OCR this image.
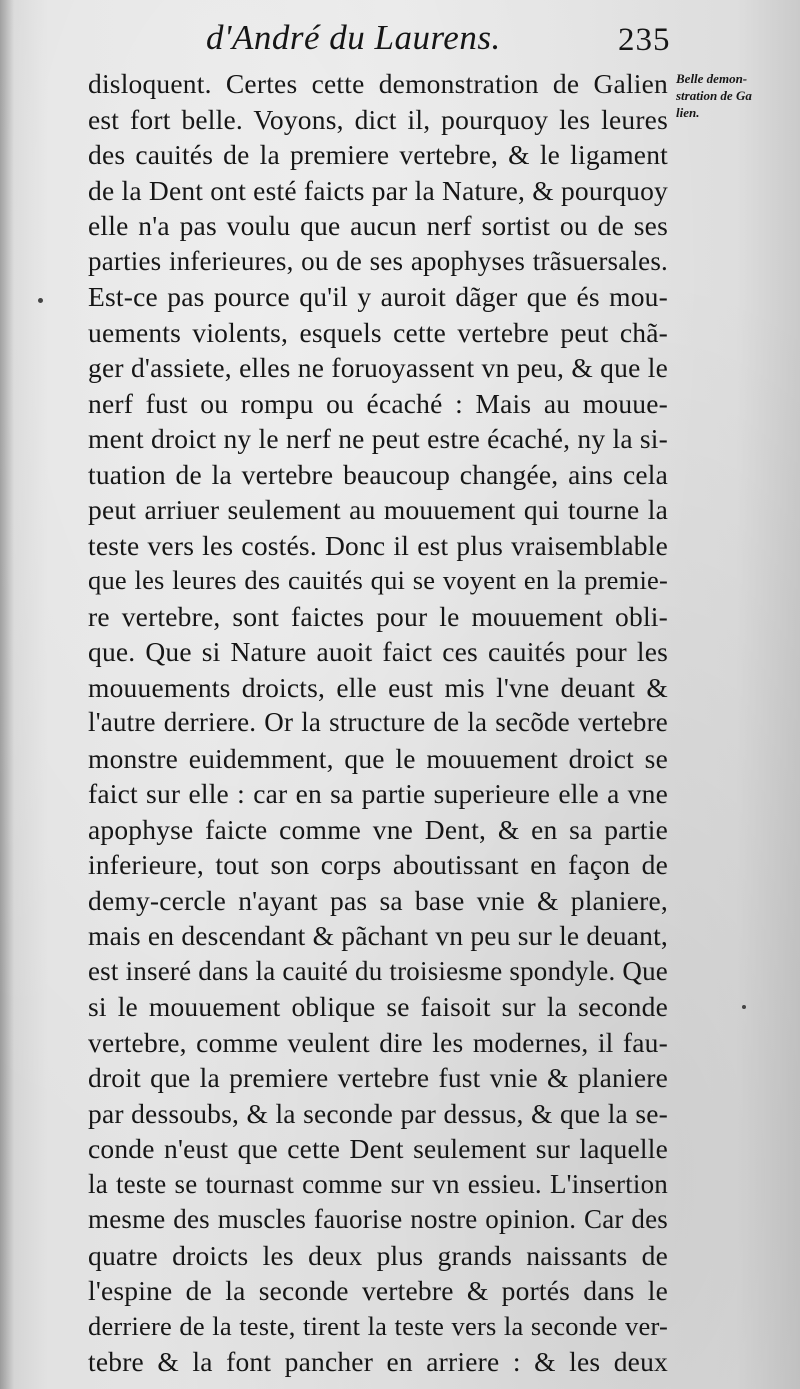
d'André du Laurens.	235
Belle demon-
stration de Ga
lien.
disloquent. Certes cette demonstration de Galien
est fort belle. Voyons, dict il, pourquoy les leures
des cauités de la premiere vertebre, & le ligament
de la Dent ont esté faicts par la Nature, & pourquoy
elle n'a pas voulu que aucun nerf sortist ou de ses
parties inferieures, ou de ses apophyses trãsuersales.
Est-ce pas pource qu'il y auroit dãger que és mou-
uements violents, esquels cette vertebre peut chã-
ger d'assiete, elles ne foruoyassent vn peu, & que le
nerf fust ou rompu ou écaché : Mais au mouue-
ment droict ny le nerf ne peut estre écaché, ny la si-
tuation de la vertebre beaucoup changée, ains cela
peut arriuer seulement au mouuement qui tourne la
teste vers les costés. Donc il est plus vraisemblable
que les leures des cauités qui se voyent en la premie-
re vertebre, sont faictes pour le mouuement obli-
que. Que si Nature auoit faict ces cauités pour les
mouuements droicts, elle eust mis l'vne deuant &
l'autre derriere. Or la structure de la secõde vertebre
monstre euidemment, que le mouuement droict se
faict sur elle : car en sa partie superieure elle a vne
apophyse faicte comme vne Dent, & en sa partie
inferieure, tout son corps aboutissant en façon de
demy-cercle n'ayant pas sa base vnie & planiere,
mais en descendant & pãchant vn peu sur le deuant,
est inseré dans la cauité du troisiesme spondyle. Que
si le mouuement oblique se faisoit sur la seconde
vertebre, comme veulent dire les modernes, il fau-
droit que la premiere vertebre fust vnie & planiere
par dessoubs, & la seconde par dessus, & que la se-
conde n'eust que cette Dent seulement sur laquelle
la teste se tournast comme sur vn essieu. L'insertion
mesme des muscles fauorise nostre opinion. Car des
quatre droicts les deux plus grands naissants de
l'espine de la seconde vertebre & portés dans le
derriere de la teste, tirent la teste vers la seconde ver-
tebre & la font pancher en arriere : & les deux
